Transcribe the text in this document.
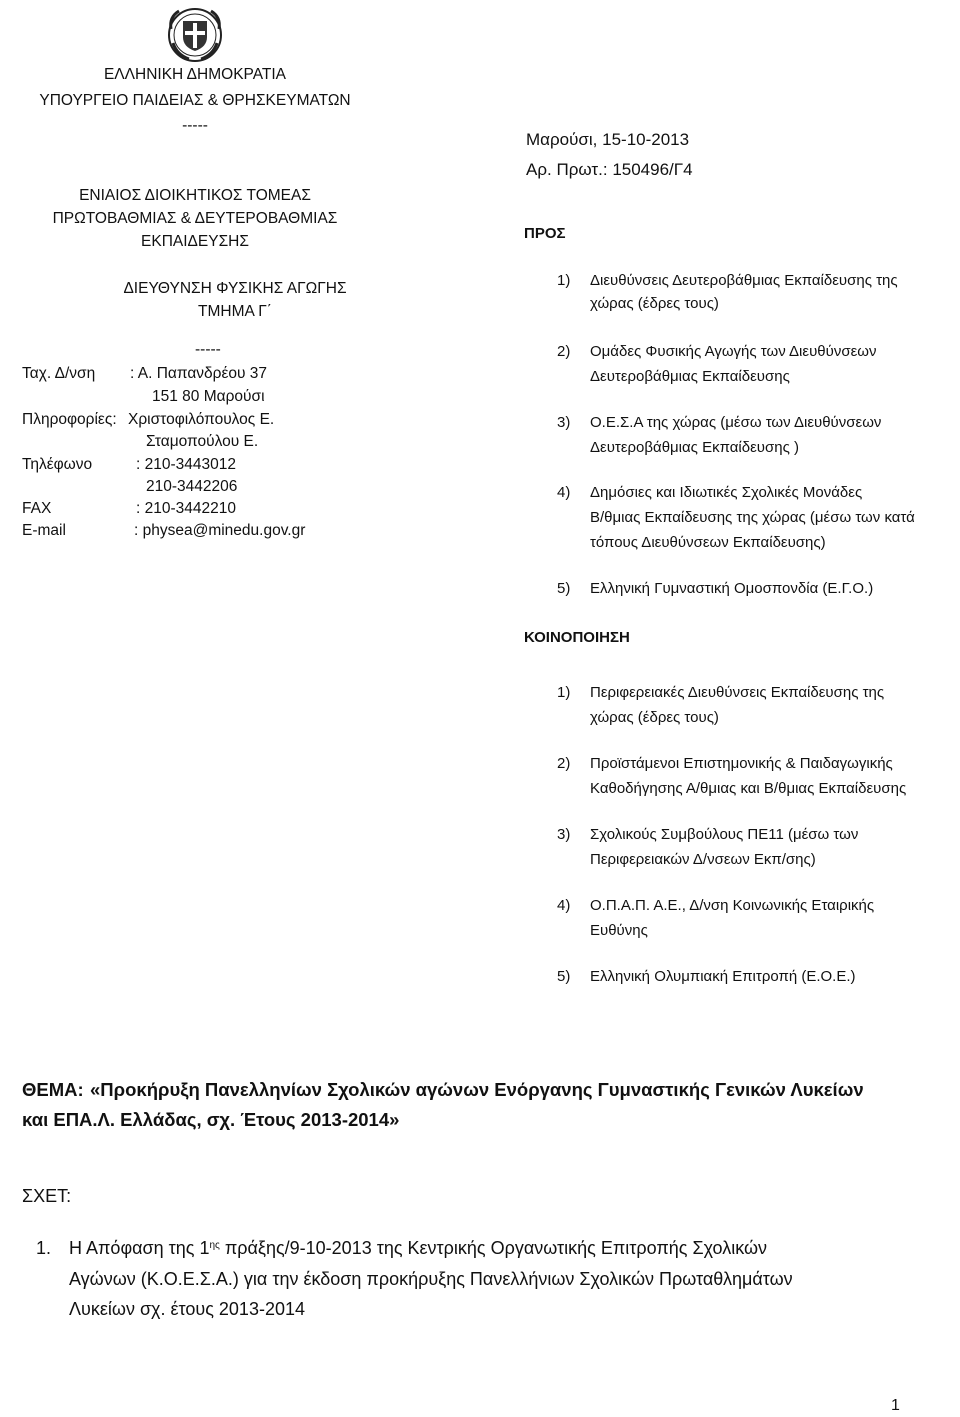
ΕΛΛΗΝΙΚΗ ΔΗΜΟΚΡΑΤΙΑ
ΥΠΟΥΡΓΕΙΟ ΠΑΙΔΕΙΑΣ & ΘΡΗΣΚΕΥΜΑΤΩΝ
-----
ΕΝΙΑΙΟΣ ΔΙΟΙΚΗΤΙΚΟΣ ΤΟΜΕΑΣ
ΠΡΩΤΟΒΑΘΜΙΑΣ & ΔΕΥΤΕΡΟΒΑΘΜΙΑΣ
ΕΚΠΑΙΔΕΥΣΗΣ
ΔΙΕΥΘΥΝΣΗ ΦΥΣΙΚΗΣ ΑΓΩΓΗΣ
ΤΜΗΜΑ Γ΄
-----
Ταχ. Δ/νση : Α. Παπανδρέου 37
151 80 Μαρούσι
Πληροφορίες: Χριστοφιλόπουλος Ε.
Σταμοπούλου Ε.
Τηλέφωνο	: 210-3443012
210-3442206
FAX	: 210-3442210
E-mail	: physea@minedu.gov.gr
Μαρούσι, 15-10-2013
Αρ. Πρωτ.: 150496/Γ4
ΠΡΟΣ
1) Διευθύνσεις Δευτεροβάθμιας Εκπαίδευσης της
χώρας (έδρες τους)
2) Ομάδες Φυσικής Αγωγής των Διευθύνσεων
Δευτεροβάθμιας Εκπαίδευσης
3) Ο.Ε.Σ.Α της χώρας (μέσω των Διευθύνσεων
Δευτεροβάθμιας Εκπαίδευσης )
4) Δημόσιες και Ιδιωτικές Σχολικές Μονάδες
Β/θμιας Εκπαίδευσης της χώρας (μέσω των κατά
τόπους Διευθύνσεων Εκπαίδευσης)
5) Ελληνική Γυμναστική Ομοσπονδία (Ε.Γ.Ο.)
ΚΟΙΝΟΠΟΙΗΣΗ
1) Περιφερειακές Διευθύνσεις Εκπαίδευσης της
χώρας (έδρες τους)
2) Προϊστάμενοι Επιστημονικής & Παιδαγωγικής
Καθοδήγησης Α/θμιας και Β/θμιας Εκπαίδευσης
3) Σχολικούς Συμβούλους ΠΕ11 (μέσω των
Περιφερειακών Δ/νσεων Εκπ/σης)
4) Ο.Π.Α.Π. Α.Ε., Δ/νση Κοινωνικής Εταιρικής
Ευθύνης
5) Ελληνική Ολυμπιακή Επιτροπή (Ε.Ο.Ε.)
ΘΕΜΑ: «Προκήρυξη Πανελληνίων Σχολικών αγώνων Ενόργανης Γυμναστικής Γενικών Λυκείων
και ΕΠΑ.Λ. Ελλάδας, σχ. Έτους 2013-2014»
ΣΧΕΤ:
1. Η Απόφαση της $1^{\eta\varsigma}$ πράξης/9-10-2013 της Κεντρικής Οργανωτικής Επιτροπής Σχολικών
Αγώνων (Κ.Ο.Ε.Σ.Α.) για την έκδοση προκήρυξης Πανελλήνιων Σχολικών Πρωταθλημάτων
Λυκείων σχ. έτους 2013-2014
1
